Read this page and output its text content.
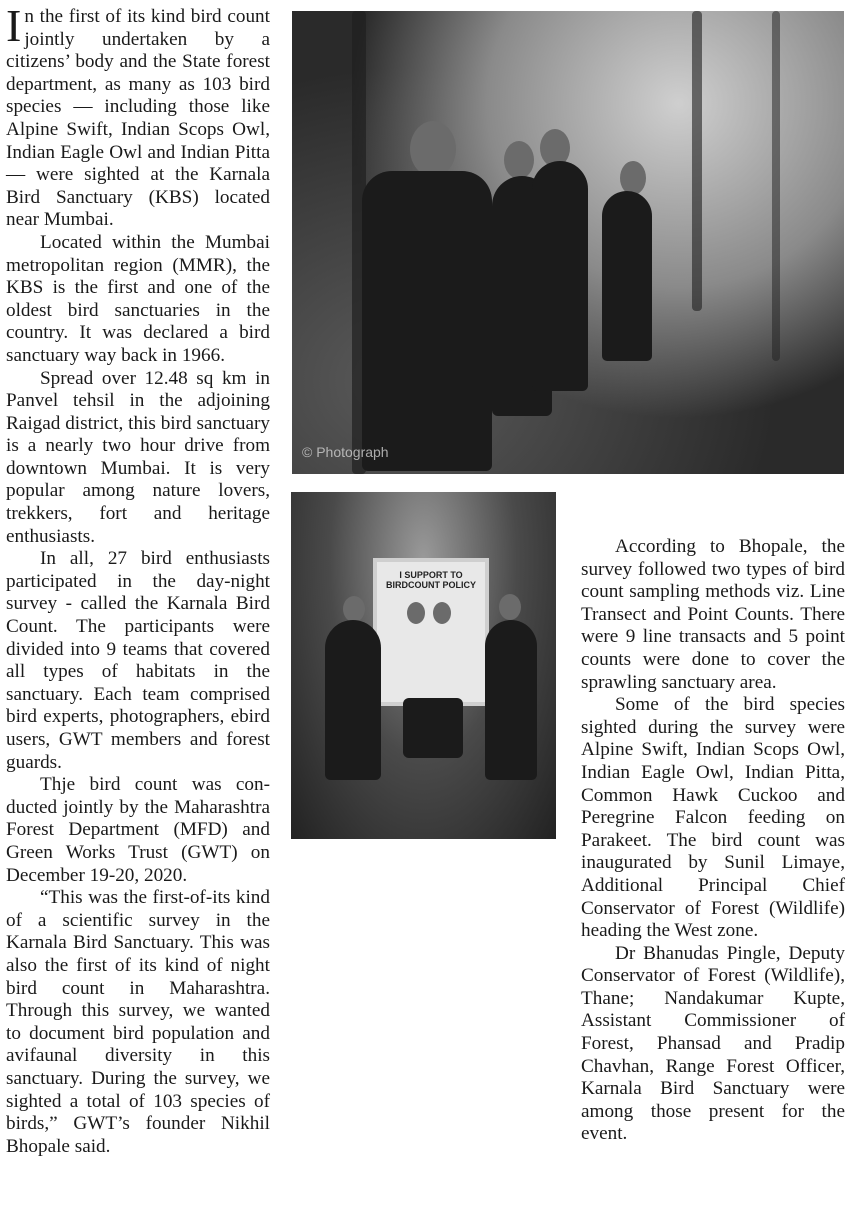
In the first of its kind bird count jointly undertaken by a citizens’ body and the State forest department, as many as 103 bird species — including those like Alpine Swift, Indian Scops Owl, Indian Eagle Owl and Indian Pitta — were sighted at the Karnala Bird Sanctuary (KBS) located near Mumbai.

Located within the Mumbai metropolitan region (MMR), the KBS is the first and one of the oldest bird sanctuaries in the country. It was declared a bird sanctuary way back in 1966.

Spread over 12.48 sq km in Panvel tehsil in the adjoining Raigad district, this bird sanctuary is a nearly two hour drive from downtown Mumbai. It is very popular among nature lovers, trekkers, fort and heritage enthusiasts.

In all, 27 bird enthusiasts participated in the day-night survey - called the Karnala Bird Count. The participants were divided into 9 teams that covered all types of habitats in the sanctuary. Each team comprised bird experts, photographers, ebird users, GWT members and forest guards.

Thje bird count was conducted jointly by the Maharashtra Forest Department (MFD) and Green Works Trust (GWT) on December 19-20, 2020.

“This was the first-of-its kind of a scientific survey in the Karnala Bird Sanctuary. This was also the first of its kind of night bird count in Maharashtra. Through this survey, we wanted to document bird population and avifaunal diversity in this sanctuary. During the survey, we sighted a total of 103 species of birds,” GWT’s founder Nikhil Bhopale said.

© Photograph
I SUPPORT TO BIRDCOUNT POLICY

According to Bhopale, the survey followed two types of bird count sampling methods viz. Line Transect and Point Counts. There were 9 line transacts and 5 point counts were done to cover the sprawling sanctuary area.

Some of the bird species sighted during the survey were Alpine Swift, Indian Scops Owl, Indian Eagle Owl, Indian Pitta, Common Hawk Cuckoo and Peregrine Falcon feeding on Parakeet. The bird count was inaugurated by Sunil Limaye, Additional Principal Chief Conservator of Forest (Wildlife) heading the West zone.

Dr Bhanudas Pingle, Deputy Conservator of Forest (Wildlife), Thane; Nandakumar Kupte, Assistant Commissioner of Forest, Phansad and Pradip Chavhan, Range Forest Officer, Karnala Bird Sanctuary were among those present for the event.
